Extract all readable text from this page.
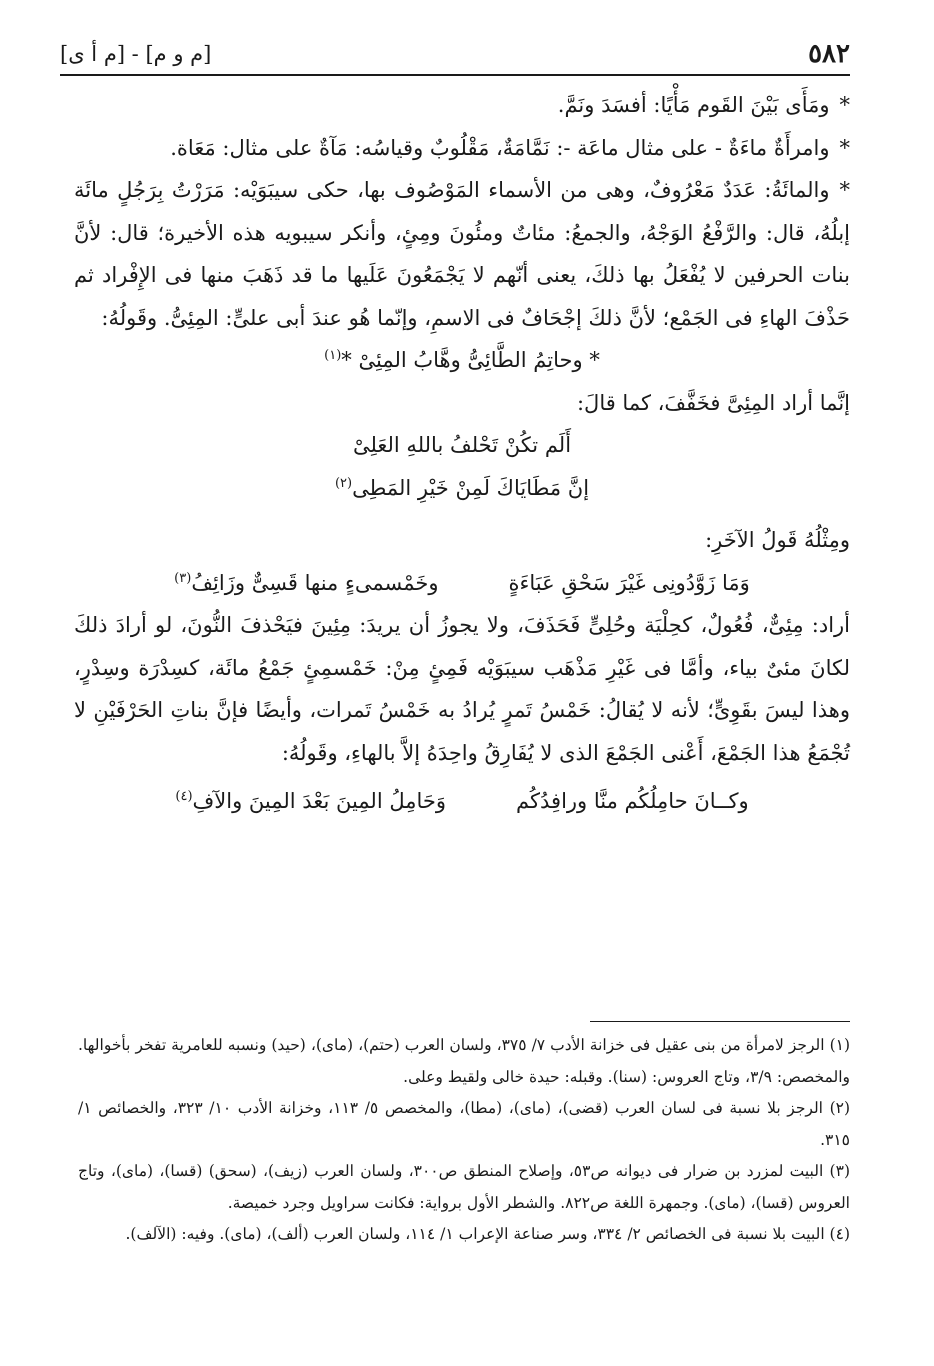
٥٨٢
[م و م] - [م أ ى]

*ومَأَى بَيْنَ القَوم مَأْيًا: أفسَدَ ونَمَّ.

*وامرأَةٌ ماءَةٌ - على مثال ماعَة -: نَمَّامَةٌ، مَقْلُوبٌ وقياسُه: مَآةٌ على مثال: مَعَاة.

*والمائَةُ: عَدَدٌ مَعْرُوفٌ، وهى من الأسماء المَوْصُوف بها، حكى سيبَوَيْه: مَرَرْتُ بِرَجُلٍ مائَة إبلُهُ، قال: والرَّفْعُ الوَجْهُ، والجمعُ: مئاتٌ ومئُونَ ومِئٍ، وأنكر سيبويه هذه الأخيرة؛ قال: لأنَّ بنات الحرفين لا يُفْعَلُ بها ذلكَ، يعنى أنّهم لا يَجْمَعُونَ عَلَيها ما قد ذَهَبَ منها فى الإِفْراد ثم حَذْفَ الهاءِ فى الجَمْع؛ لأنَّ ذلكَ إجْحَافٌ فى الاسمِ، وإنّما هُو عندَ أبى علىٍّ: المِئِىُّ. وقَولُهُ:

* وحاتِمُ الطَّائِىُّ وهَّابُ المِئِىْ *$^{(١)}$

إنَّما أراد المِئِىَّ فخَفَّفَ، كما قالَ:

أَلَم تكُنْ تَحْلفُ باللهِ العَلِىْ

إنَّ مَطَايَاكَ لَمِنْ خَيْرِ المَطِى$^{(٢)}$

ومِثْلُهُ قَولُ الآخَرِ:

وَمَا زَوَّدُونِى غَيْرَ سَحْقِ عَبَاءَةٍ
وخَمْسمىءٍ منها قَسِىٌّ وزَائِفُ$^{(٣)}$

أراد: مِئِىٌّ، فُعُولٌ، كحِلْيَة وحُلِىٍّ فَحَذَفَ، ولا يجوزُ أن يريدَ: مِئِينَ فيَحْذفَ النُّونَ، لو أرادَ ذلكَ لكانَ مئىٌ بياء، وأمَّا فى غَيْرِ مَذْهَب سيبَوَيْه فَمِئٍ مِنْ: خَمْسمِئٍ جَمْعُ مائَة، كسِدْرَة وسِدْرٍ، وهذا ليسَ بقَوِىٍّ؛ لأنه لا يُقالُ: خَمْسُ تَمرٍ يُرادُ به خَمْسُ تَمرات، وأيضًا فإنَّ بناتِ الحَرْفَيْنِ لا تُجْمَعُ هذا الجَمْعَ، أَعْنى الجَمْعَ الذى لا يُفَارِقُ واحِدَهُ إلاَّ بالهاءِ، وقَولُهُ:

وكــانَ حامِلُكُم منَّا ورافِدُكُم
وَحَامِلُ المِينَ بَعْدَ المِينَ والآفِ$^{(٤)}$

(١) الرجز لامرأة من بنى عقيل فى خزانة الأدب ٧/ ٣٧٥، ولسان العرب (حتم)، (ماى)، (حيد) ونسبه للعامرية تفخر بأخوالها. والمخصص: ٣/٩، وتاج العروس: (سنا). وقبله: حيدة خالى ولقيط وعلى.

(٢) الرجز بلا نسبة فى لسان العرب (قضى)، (ماى)، (مطا)، والمخصص ٥/ ١١٣، وخزانة الأدب ١٠/ ٣٢٣، والخصائص ١/ ٣١٥.

(٣) البيت لمزرد بن ضرار فى ديوانه ص٥٣، وإصلاح المنطق ص٣٠٠، ولسان العرب (زيف)، (سحق) (قسا)، (ماى)، وتاج العروس (قسا)، (ماى). وجمهرة اللغة ص٨٢٢. والشطر الأول برواية: فكانت سراويل وجرد خميصة.

(٤) البيت بلا نسبة فى الخصائص ٢/ ٣٣٤، وسر صناعة الإعراب ١/ ١١٤، ولسان العرب (ألف)، (ماى). وفيه: (الآلف).
